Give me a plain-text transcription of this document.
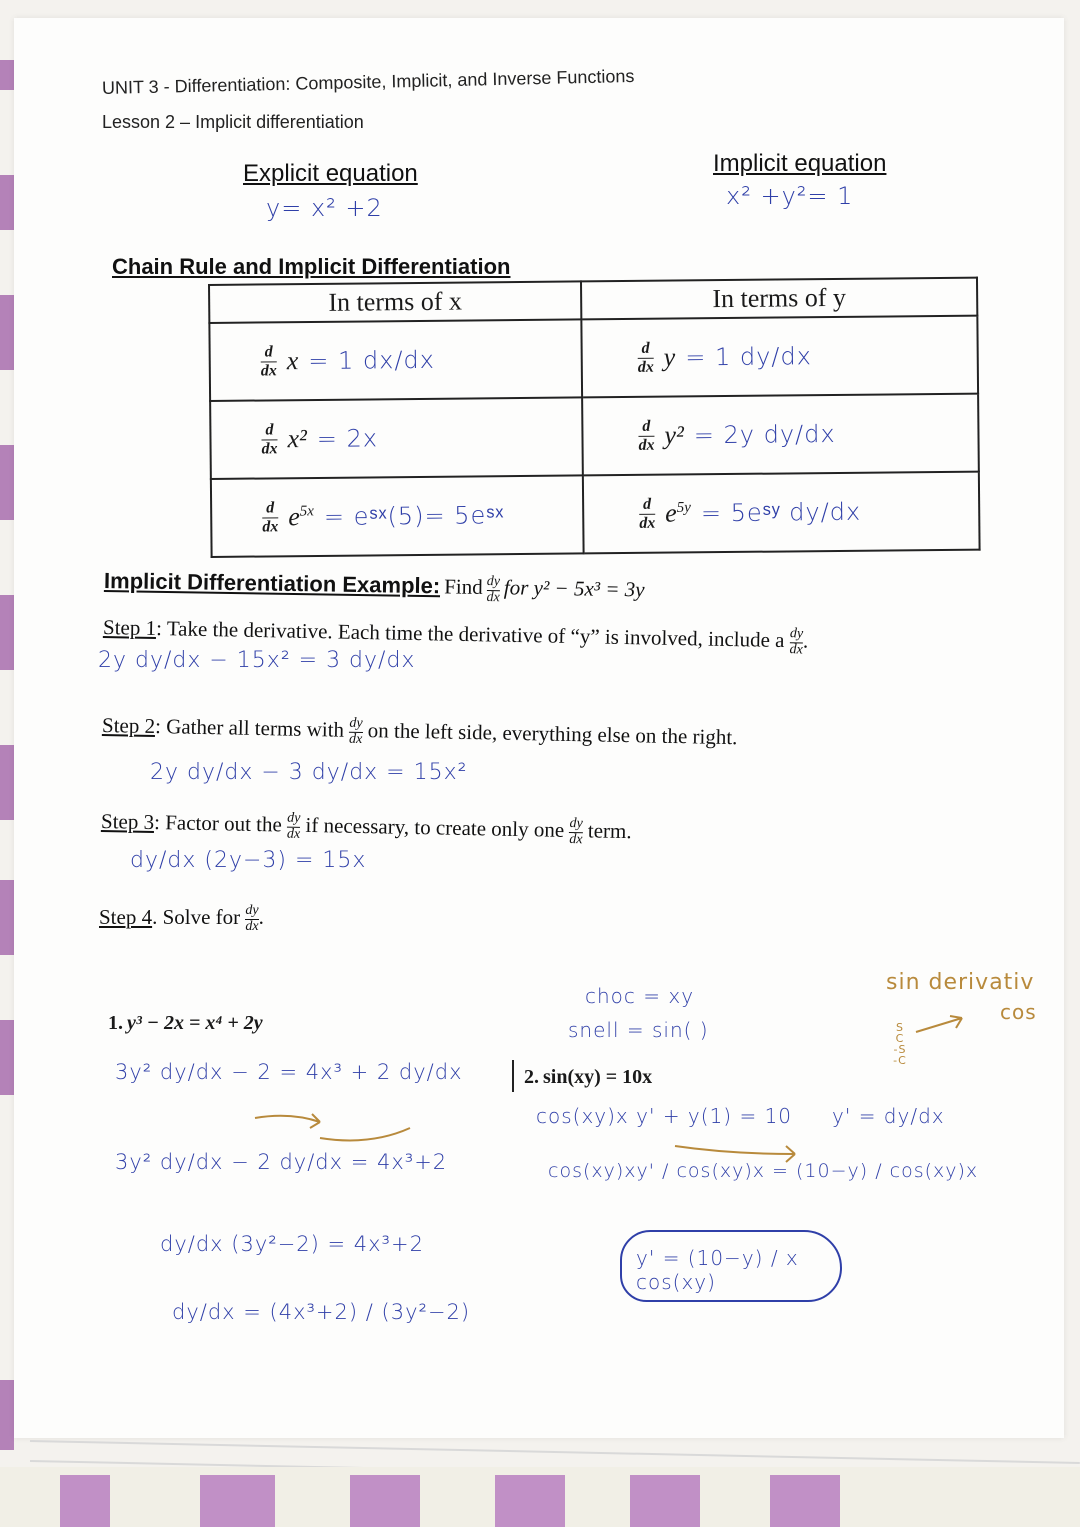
UNIT 3 - Differentiation: Composite, Implicit, and Inverse Functions
Lesson 2 – Implicit differentiation
Explicit equation
y= x² +2
Implicit equation
x² +y²= 1
Chain Rule and Implicit Differentiation
In terms of x	In terms of y

$\frac{d}{dx}$ x = 1 dx/dx	$\frac{d}{dx}$ y = 1 dy/dx

$\frac{d}{dx} x^2 = 2x$	$\frac{d}{dx} y^2 = 2y$ dy/dx

$\frac{d}{dx} e^{5x}$ = eˢˣ(5)= 5eˢˣ	$\frac{d}{dx} e^{5y}$ = 5eˢʸ dy/dx
Implicit Differentiation Example: Find $\frac{dy}{dx}$ for y² − 5x³ = 3y
Step 1: Take the derivative. Each time the derivative of “y” is involved, include a $\frac{dy}{dx}$ .
2y dy/dx − 15x² = 3 dy/dx
Step 2: Gather all terms with $\frac{dy}{dx}$ on the left side, everything else on the right.
2y dy/dx − 3 dy/dx = 15x²
Step 3: Factor out the $\frac{dy}{dx}$ if necessary, to create only one $\frac{dy}{dx}$ term.
dy/dx (2y−3) = 15x
Step 4. Solve for $\frac{dy}{dx}$ .
1. y³ − 2x = x⁴ + 2y
3y² dy/dx − 2 = 4x³ + 2 dy/dx
3y² dy/dx − 2 dy/dx = 4x³+2
dy/dx (3y²−2) = 4x³+2
dy/dx = (4x³+2) / (3y²−2)
choc = xy
snell = sin( )
2. sin(xy) = 10x
cos(xy)x y' + y(1) = 10
cos(xy)xy' / cos(xy)x = (10−y) / cos(xy)x
y' = (10−y) / x cos(xy)
y' = dy/dx
sin derivativ
cos
S
C
-S
-C
